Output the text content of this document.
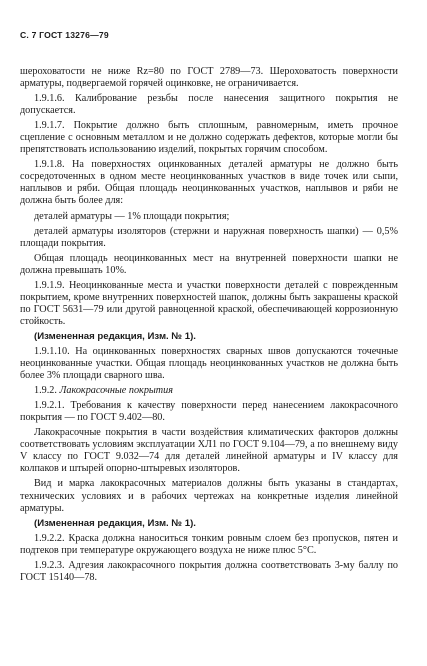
С. 7 ГОСТ 13276—79

шероховатости не ниже Rz=80 по ГОСТ 2789—73. Шероховатость поверхности арматуры, подвергаемой горячей оцинковке, не ограничивается.

1.9.1.6. Калибрование резьбы после нанесения защитного покрытия не допускается.

1.9.1.7. Покрытие должно быть сплошным, равномерным, иметь прочное сцепление с основным металлом и не должно содержать дефектов, которые могли бы препятствовать использованию изделий, покрытых горячим способом.

1.9.1.8. На поверхностях оцинкованных деталей арматуры не должно быть сосредоточенных в одном месте неоцинкованных участков в виде точек или сыпи, наплывов и ряби. Общая площадь неоцинкованных участков, наплывов и ряби не должна быть более для:

деталей арматуры — 1% площади покрытия;

деталей арматуры изоляторов (стержни и наружная поверхность шапки) — 0,5% площади покрытия.

Общая площадь неоцинкованных мест на внутренней поверхности шапки не должна превышать 10%.

1.9.1.9. Неоцинкованные места и участки поверхности деталей с поврежденным покрытием, кроме внутренних поверхностей шапок, должны быть закрашены краской по ГОСТ 5631—79 или другой равноценной краской, обеспечивающей коррозионную стойкость.

(Измененная редакция, Изм. № 1).

1.9.1.10. На оцинкованных поверхностях сварных швов допускаются точечные неоцинкованные участки. Общая площадь неоцинкованных участков не должна быть более 3% площади сварного шва.

1.9.2. Лакокрасочные покрытия

1.9.2.1. Требования к качеству поверхности перед нанесением лакокрасочного покрытия — по ГОСТ 9.402—80.

Лакокрасочные покрытия в части воздействия климатических факторов должны соответствовать условиям эксплуатации ХЛ1 по ГОСТ 9.104—79, а по внешнему виду V классу по ГОСТ 9.032—74 для деталей линейной арматуры и IV классу для колпаков и штырей опорно-штыревых изоляторов.

Вид и марка лакокрасочных материалов должны быть указаны в стандартах, технических условиях и в рабочих чертежах на конкретные изделия линейной арматуры.

(Измененная редакция, Изм. № 1).

1.9.2.2. Краска должна наноситься тонким ровным слоем без пропусков, пятен и подтеков при температуре окружающего воздуха не ниже плюс 5°С.

1.9.2.3. Адгезия лакокрасочного покрытия должна соответствовать 3-му баллу по ГОСТ 15140—78.
